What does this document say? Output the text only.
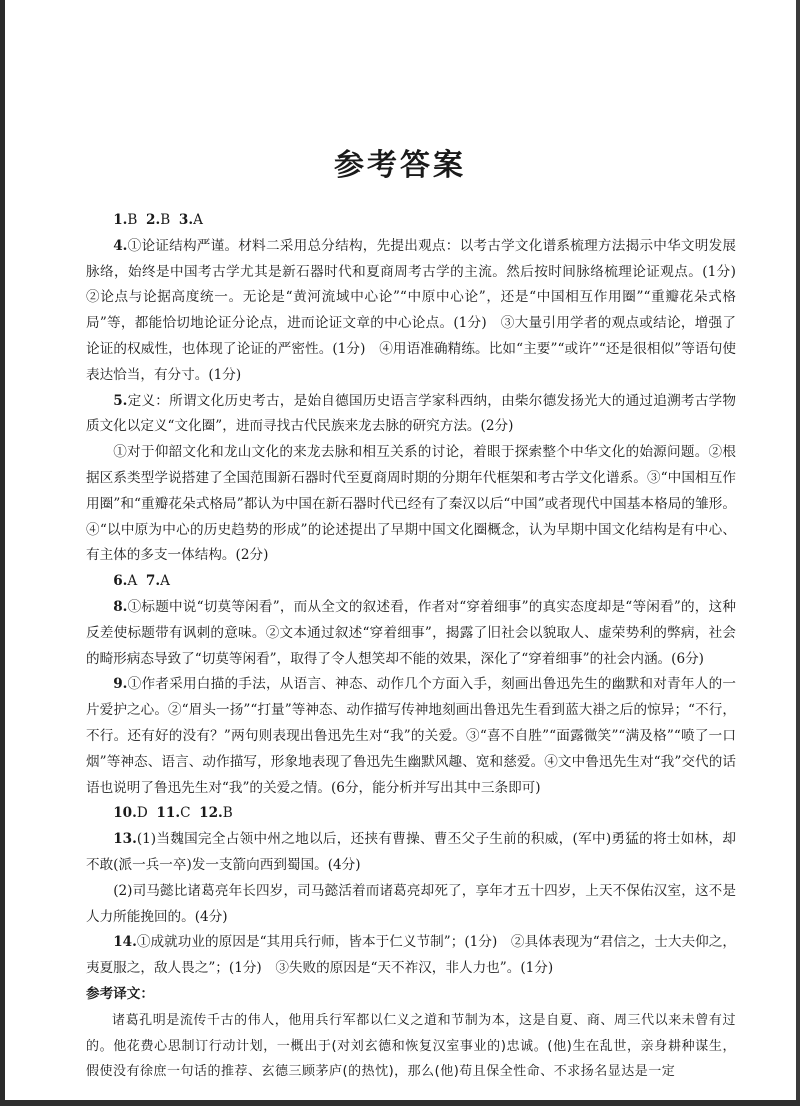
参考答案

1.B 2.B 3.A

4.①论证结构严谨。材料二采用总分结构，先提出观点：以考古学文化谱系梳理方法揭示中华文明发展脉络，始终是中国考古学尤其是新石器时代和夏商周考古学的主流。然后按时间脉络梳理论证观点。(1分)　②论点与论据高度统一。无论是“黄河流域中心论”“中原中心论”，还是“中国相互作用圈”“重瓣花朵式格局”等，都能恰切地论证分论点，进而论证文章的中心论点。(1分)　③大量引用学者的观点或结论，增强了论证的权威性，也体现了论证的严密性。(1分)　④用语准确精练。比如“主要”“或许”“还是很相似”等语句使表达恰当，有分寸。(1分)

5.定义：所谓文化历史考古，是始自德国历史语言学家科西纳，由柴尔德发扬光大的通过追溯考古学物质文化以定义“文化圈”，进而寻找古代民族来龙去脉的研究方法。(2分)

①对于仰韶文化和龙山文化的来龙去脉和相互关系的讨论，着眼于探索整个中华文化的始源问题。②根据区系类型学说搭建了全国范围新石器时代至夏商周时期的分期年代框架和考古学文化谱系。③“中国相互作用圈”和“重瓣花朵式格局”都认为中国在新石器时代已经有了秦汉以后“中国”或者现代中国基本格局的雏形。④“以中原为中心的历史趋势的形成”的论述提出了早期中国文化圈概念，认为早期中国文化结构是有中心、有主体的多支一体结构。(2分)

6.A 7.A

8.①标题中说“切莫等闲看”，而从全文的叙述看，作者对“穿着细事”的真实态度却是“等闲看”的，这种反差使标题带有讽刺的意味。②文本通过叙述“穿着细事”，揭露了旧社会以貌取人、虚荣势利的弊病，社会的畸形病态导致了“切莫等闲看”，取得了令人想笑却不能的效果，深化了“穿着细事”的社会内涵。(6分)

9.①作者采用白描的手法，从语言、神态、动作几个方面入手，刻画出鲁迅先生的幽默和对青年人的一片爱护之心。②“眉头一扬”“打量”等神态、动作描写传神地刻画出鲁迅先生看到蓝大褂之后的惊异；“不行，不行。还有好的没有？”两句则表现出鲁迅先生对“我”的关爱。③“喜不自胜”“面露微笑”“满及格”“喷了一口烟”等神态、语言、动作描写，形象地表现了鲁迅先生幽默风趣、宽和慈爱。④文中鲁迅先生对“我”交代的话语也说明了鲁迅先生对“我”的关爱之情。(6分，能分析并写出其中三条即可)

10.D 11.C 12.B

13.(1)当魏国完全占领中州之地以后，还挟有曹操、曹丕父子生前的积威，(军中)勇猛的将士如林，却不敢(派一兵一卒)发一支箭向西到蜀国。(4分)

(2)司马懿比诸葛亮年长四岁，司马懿活着而诸葛亮却死了，享年才五十四岁，上天不保佑汉室，这不是人力所能挽回的。(4分)

14.①成就功业的原因是“其用兵行师，皆本于仁义节制”；(1分)　②具体表现为“君信之，士大夫仰之，夷夏服之，敌人畏之”；(1分)　③失败的原因是“天不祚汉，非人力也”。(1分)

参考译文：

诸葛孔明是流传千古的伟人，他用兵行军都以仁义之道和节制为本，这是自夏、商、周三代以来未曾有过的。他花费心思制订行动计划，一概出于(对刘玄德和恢复汉室事业的)忠诚。(他)生在乱世，亲身耕种谋生，假使没有徐庶一句话的推荐、玄德三顾茅庐(的热忱)，那么(他)苟且保全性命、不求扬名显达是一定
